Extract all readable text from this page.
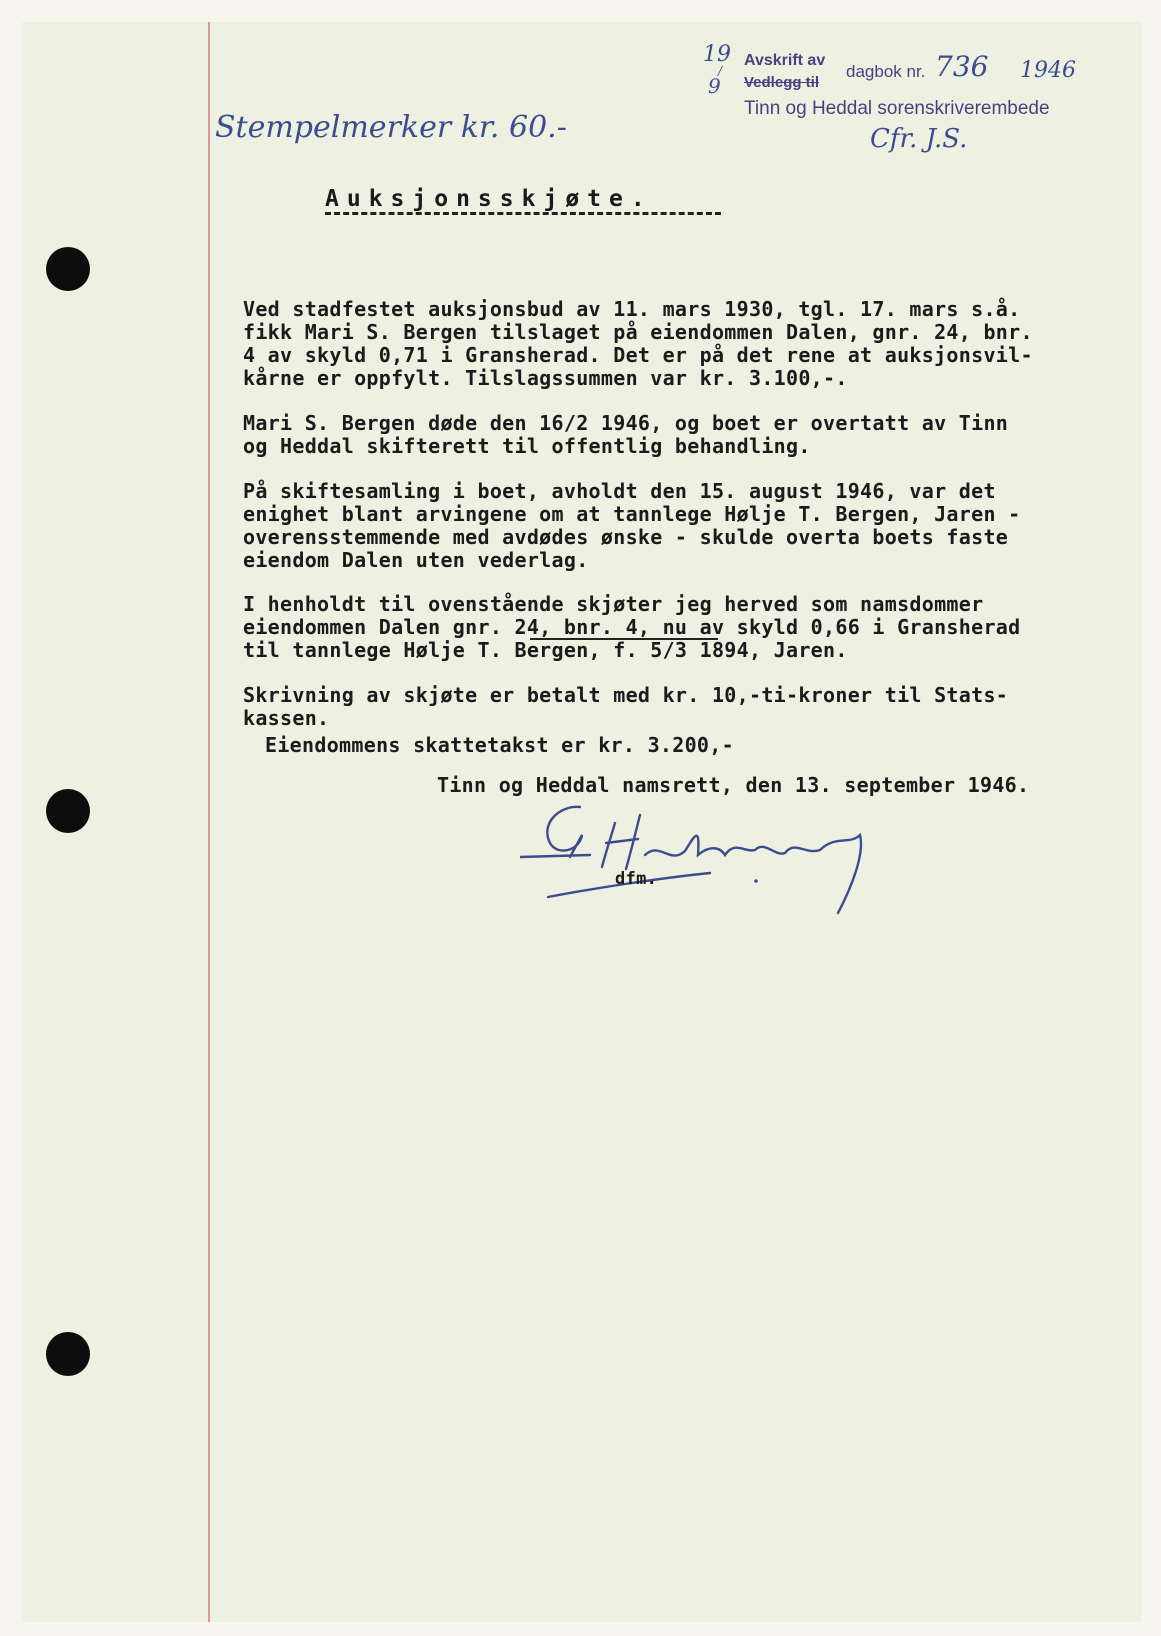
19
/
9
Avskrift av
Vedlegg til
dagbok nr. 736 1946
Tinn og Heddal sorenskriverembede
Cfr. J.S.
Stempelmerker kr. 60.-
Auksjonsskjøte.
Ved stadfestet auksjonsbud av 11. mars 1930, tgl. 17. mars s.å.
fikk Mari S. Bergen tilslaget på eiendommen Dalen, gnr. 24, bnr.
4 av skyld 0,71 i Gransherad. Det er på det rene at auksjonsvil-
kårne er oppfylt. Tilslagssummen var kr. 3.100,-.
Mari S. Bergen døde den 16/2 1946, og boet er overtatt av Tinn
og Heddal skifterett til offentlig behandling.
På skiftesamling i boet, avholdt den 15. august 1946, var det
enighet blant arvingene om at tannlege Hølje T. Bergen, Jaren -
overensstemmende med avdødes ønske - skulde overta boets faste
eiendom Dalen uten vederlag.
I henholdt til ovenstående skjøter jeg herved som namsdommer
eiendommen Dalen gnr. 24, bnr. 4, nu av skyld 0,66 i Gransherad
til tannlege Hølje T. Bergen, f. 5/3 1894, Jaren.
Skrivning av skjøte er betalt med kr. 10,-ti-kroner til Stats-
kassen.
Eiendommens skattetakst er kr. 3.200,-
Tinn og Heddal namsrett, den 13. september 1946.
dfm.
